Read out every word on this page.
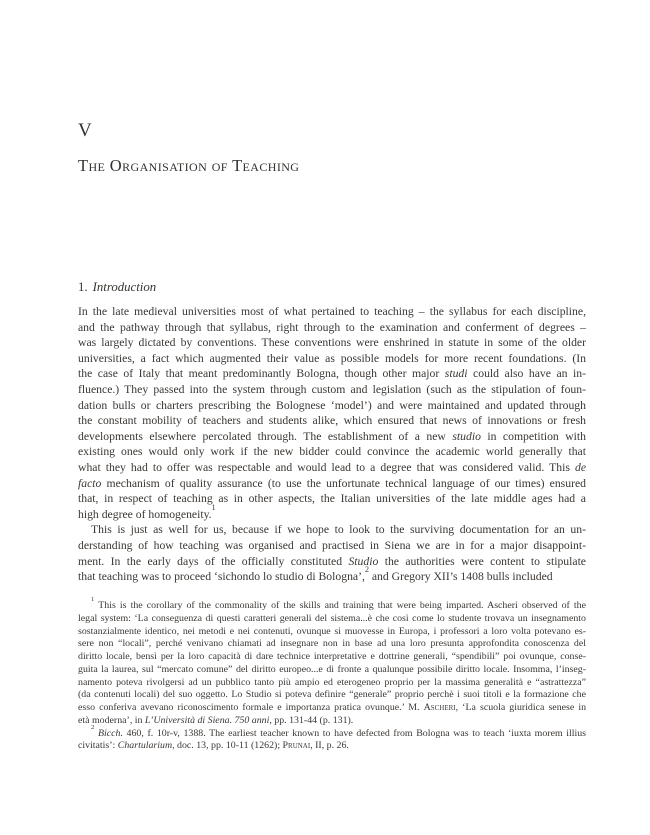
V
The Organisation of Teaching
1. Introduction
In the late medieval universities most of what pertained to teaching – the syllabus for each discipline,
and the pathway through that syllabus, right through to the examination and conferment of degrees –
was largely dictated by conventions. These conventions were enshrined in statute in some of the older
universities, a fact which augmented their value as possible models for more recent foundations. (In
the case of Italy that meant predominantly Bologna, though other major studi could also have an in-
fluence.) They passed into the system through custom and legislation (such as the stipulation of foun-
dation bulls or charters prescribing the Bolognese ‘model’) and were maintained and updated through
the constant mobility of teachers and students alike, which ensured that news of innovations or fresh
developments elsewhere percolated through. The establishment of a new studio in competition with
existing ones would only work if the new bidder could convince the academic world generally that
what they had to offer was respectable and would lead to a degree that was considered valid. This de
facto mechanism of quality assurance (to use the unfortunate technical language of our times) ensured
that, in respect of teaching as in other aspects, the Italian universities of the late middle ages had a
high degree of homogeneity.$^1$
This is just as well for us, because if we hope to look to the surviving documentation for an un-
derstanding of how teaching was organised and practised in Siena we are in for a major disappoint-
ment. In the early days of the officially constituted Studio the authorities were content to stipulate
that teaching was to proceed ‘sichondo lo studio di Bologna’,$^2$ and Gregory XII’s 1408 bulls included
$^1$ This is the corollary of the commonality of the skills and training that were being imparted. Ascheri observed of the
legal system: ‘La conseguenza di questi caratteri generali del sistema...è che così come lo studente trovava un insegnamento
sostanzialmente identico, nei metodi e nei contenuti, ovunque si muovesse in Europa, i professori a loro volta potevano es-
sere non “locali”, perché venivano chiamati ad insegnare non in base ad una loro presunta approfondita conoscenza del
diritto locale, bensì per la loro capacità di dare technice interpretative e dottrine generali, “spendibili” poi ovunque, conse-
guita la laurea, sul “mercato comune” del diritto europeo...e di fronte a qualunque possibile diritto locale. Insomma, l’inseg-
namento poteva rivolgersi ad un pubblico tanto più ampio ed eterogeneo proprio per la massima generalità e “astrattezza”
(da contenuti locali) del suo oggetto. Lo Studio si poteva definire “generale” proprio perchè i suoi titoli e la formazione che
esso conferiva avevano riconoscimento formale e importanza pratica ovunque.’ M. Ascheri, ‘La scuola giuridica senese in
età moderna’, in L’Università di Siena. 750 anni, pp. 131-44 (p. 131).
$^2$ Bicch. 460, f. 10r-v, 1388. The earliest teacher known to have defected from Bologna was to teach ‘iuxta morem illius
civitatis’: Chartularium, doc. 13, pp. 10-11 (1262); Prunai, II, p. 26.
